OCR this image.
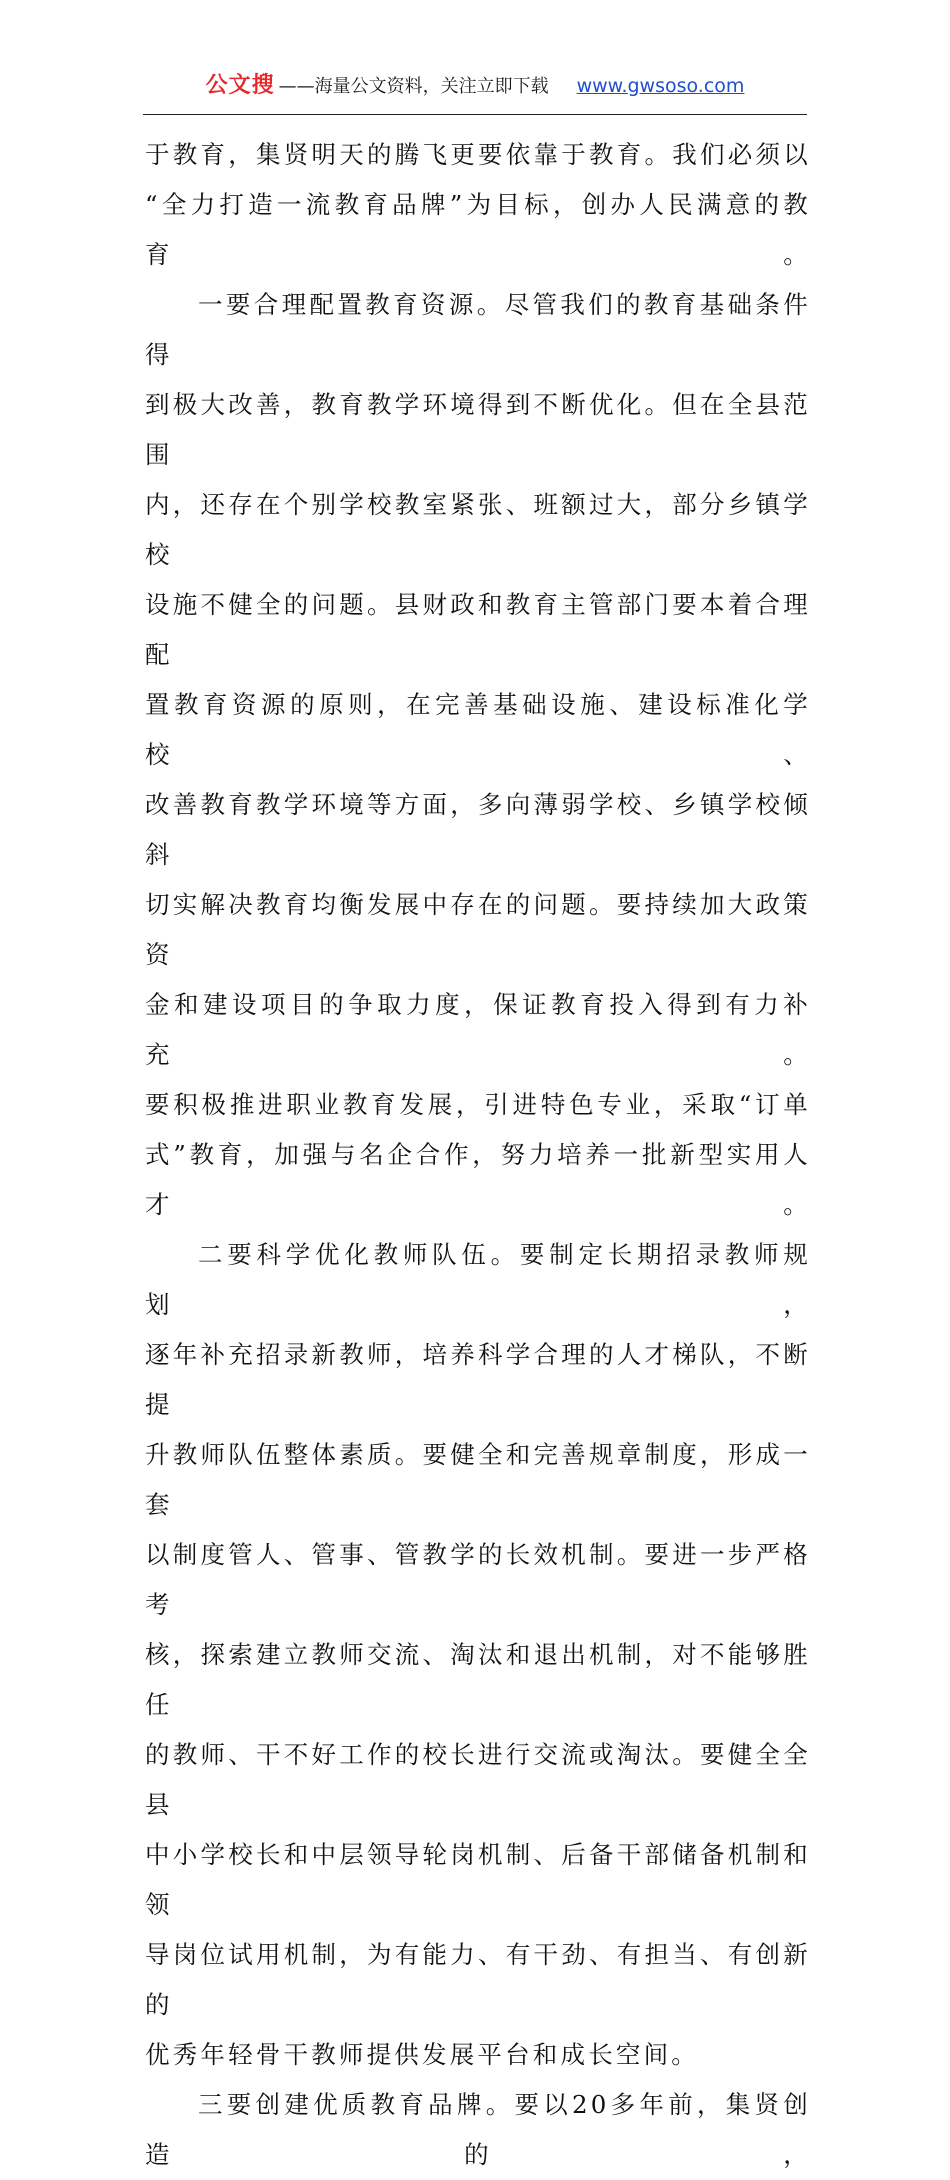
公文搜 ——海量公文资料，关注立即下载 www.gwsoso.com

于教育，集贤明天的腾飞更要依靠于教育。我们必须以

“全力打造一流教育品牌”为目标，创办人民满意的教育。

一要合理配置教育资源。尽管我们的教育基础条件得

到极大改善，教育教学环境得到不断优化。但在全县范围

内，还存在个别学校教室紧张、班额过大，部分乡镇学校

设施不健全的问题。县财政和教育主管部门要本着合理配

置教育资源的原则，在完善基础设施、建设标准化学校、

改善教育教学环境等方面，多向薄弱学校、乡镇学校倾斜

切实解决教育均衡发展中存在的问题。要持续加大政策资

金和建设项目的争取力度，保证教育投入得到有力补充。

要积极推进职业教育发展，引进特色专业，采取“订单

式”教育，加强与名企合作，努力培养一批新型实用人才。

二要科学优化教师队伍。要制定长期招录教师规划，

逐年补充招录新教师，培养科学合理的人才梯队，不断提

升教师队伍整体素质。要健全和完善规章制度，形成一套

以制度管人、管事、管教学的长效机制。要进一步严格考

核，探索建立教师交流、淘汰和退出机制，对不能够胜任

的教师、干不好工作的校长进行交流或淘汰。要健全全县

中小学校长和中层领导轮岗机制、后备干部储备机制和领

导岗位试用机制，为有能力、有干劲、有担当、有创新的

优秀年轻骨干教师提供发展平台和成长空间。

三要创建优质教育品牌。要以20多年前，集贤创造的，
